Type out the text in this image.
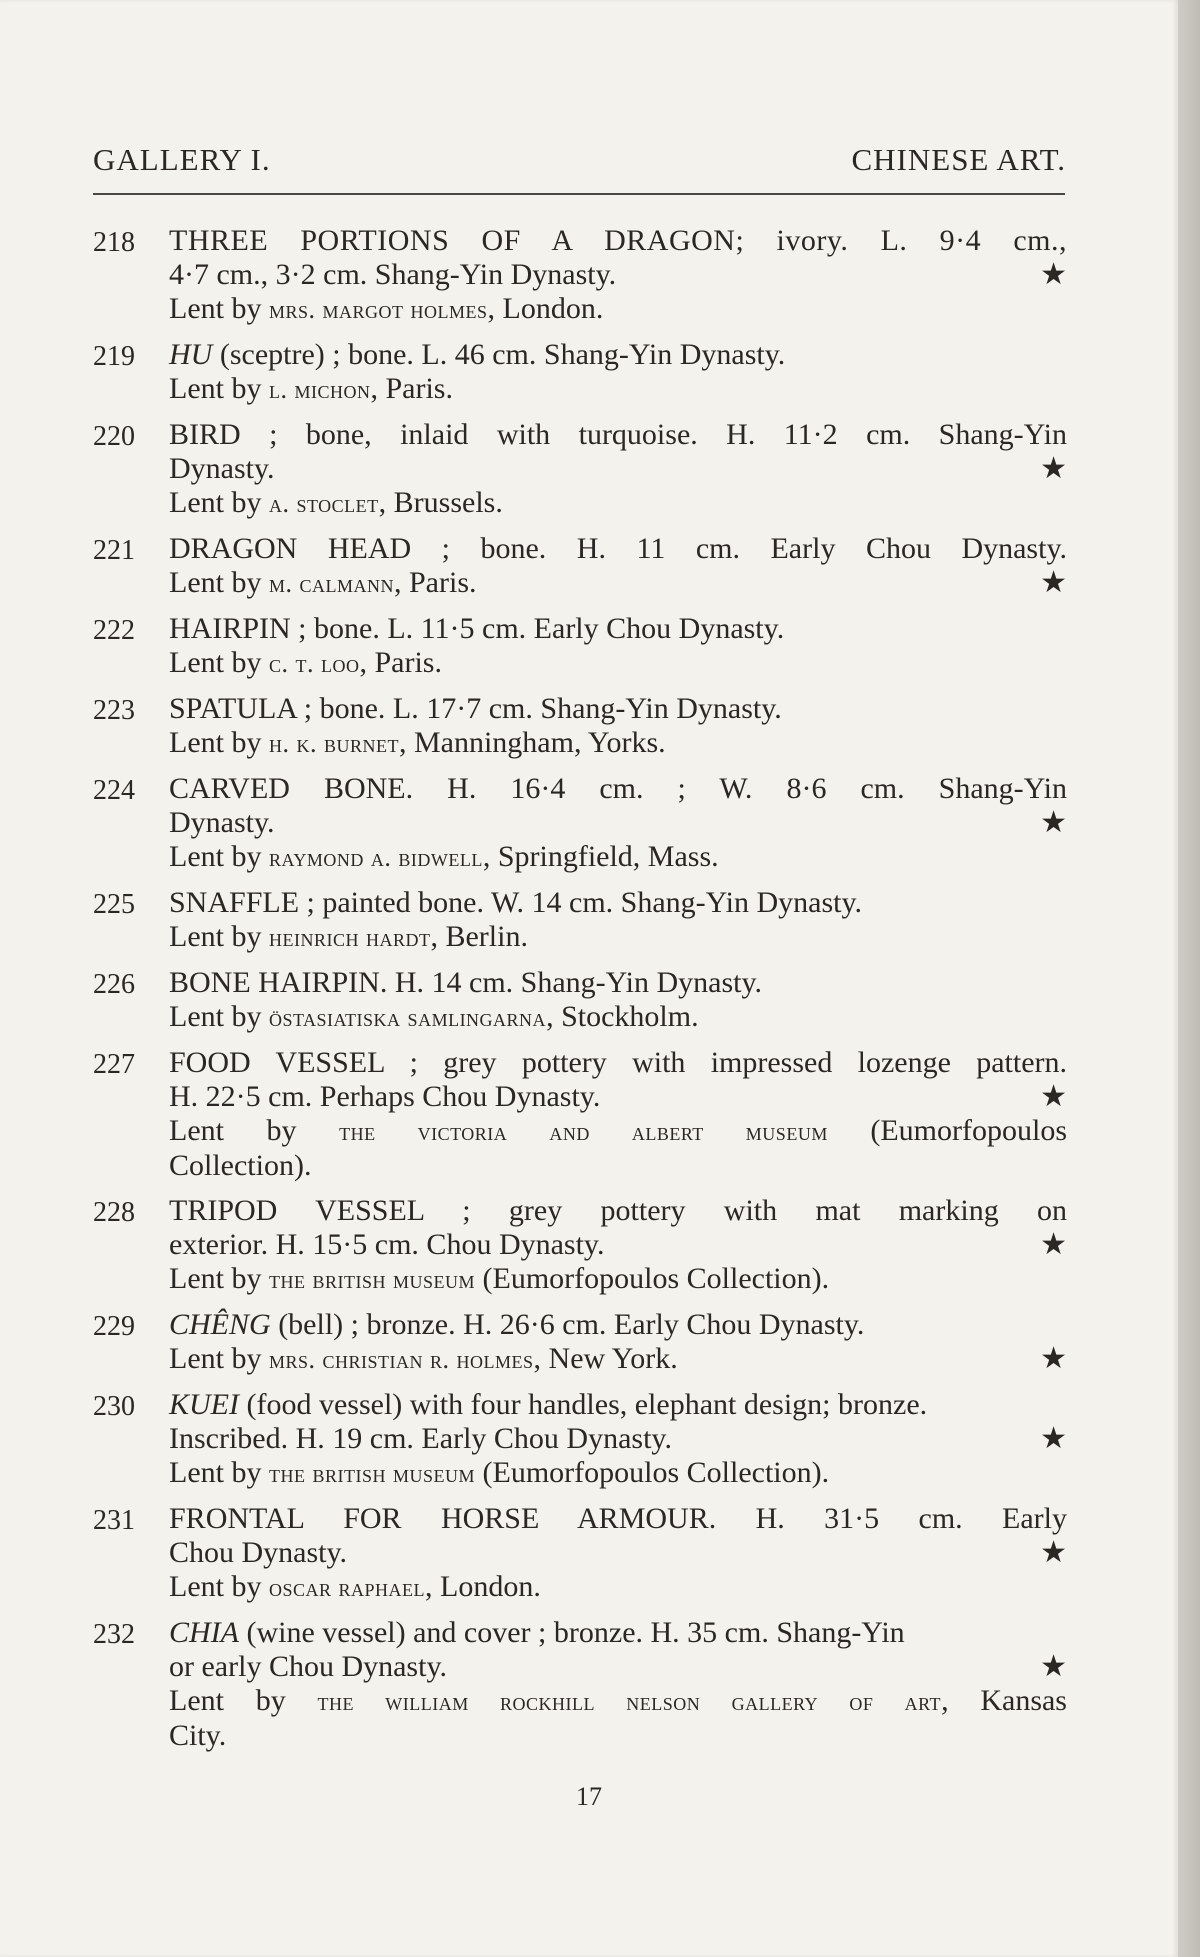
GALLERY I.	CHINESE ART.
218	THREE PORTIONS OF A DRAGON; ivory. L. 9·4 cm.,
4·7 cm., 3·2 cm. Shang-Yin Dynasty.	★
Lent by mrs. margot holmes, London.
219	HU (sceptre) ; bone. L. 46 cm. Shang-Yin Dynasty.
Lent by l. michon, Paris.
220	BIRD ; bone, inlaid with turquoise. H. 11·2 cm. Shang-Yin
Dynasty.	★
Lent by a. stoclet, Brussels.
221	DRAGON HEAD ; bone. H. 11 cm. Early Chou Dynasty.
Lent by m. calmann, Paris.	★
222	HAIRPIN ; bone. L. 11·5 cm. Early Chou Dynasty.
Lent by c. t. loo, Paris.
223	SPATULA ; bone. L. 17·7 cm. Shang-Yin Dynasty.
Lent by h. k. burnet, Manningham, Yorks.
224	CARVED BONE. H. 16·4 cm. ; W. 8·6 cm. Shang-Yin
Dynasty.	★
Lent by raymond a. bidwell, Springfield, Mass.
225	SNAFFLE ; painted bone. W. 14 cm. Shang-Yin Dynasty.
Lent by heinrich hardt, Berlin.
226	BONE HAIRPIN. H. 14 cm. Shang-Yin Dynasty.
Lent by östasiatiska samlingarna, Stockholm.
227	FOOD VESSEL ; grey pottery with impressed lozenge pattern.
H. 22·5 cm. Perhaps Chou Dynasty.	★
Lent by the victoria and albert museum (Eumorfopoulos
Collection).
228	TRIPOD VESSEL ; grey pottery with mat marking on
exterior. H. 15·5 cm. Chou Dynasty.	★
Lent by the british museum (Eumorfopoulos Collection).
229	CHÊNG (bell) ; bronze. H. 26·6 cm. Early Chou Dynasty.
Lent by mrs. christian r. holmes, New York.	★
230	KUEI (food vessel) with four handles, elephant design; bronze.
Inscribed. H. 19 cm. Early Chou Dynasty.	★
Lent by the british museum (Eumorfopoulos Collection).
231	FRONTAL FOR HORSE ARMOUR. H. 31·5 cm. Early
Chou Dynasty.	★
Lent by oscar raphael, London.
232	CHIA (wine vessel) and cover ; bronze. H. 35 cm. Shang-Yin
or early Chou Dynasty.	★
Lent by the william rockhill nelson gallery of art, Kansas
City.
17
